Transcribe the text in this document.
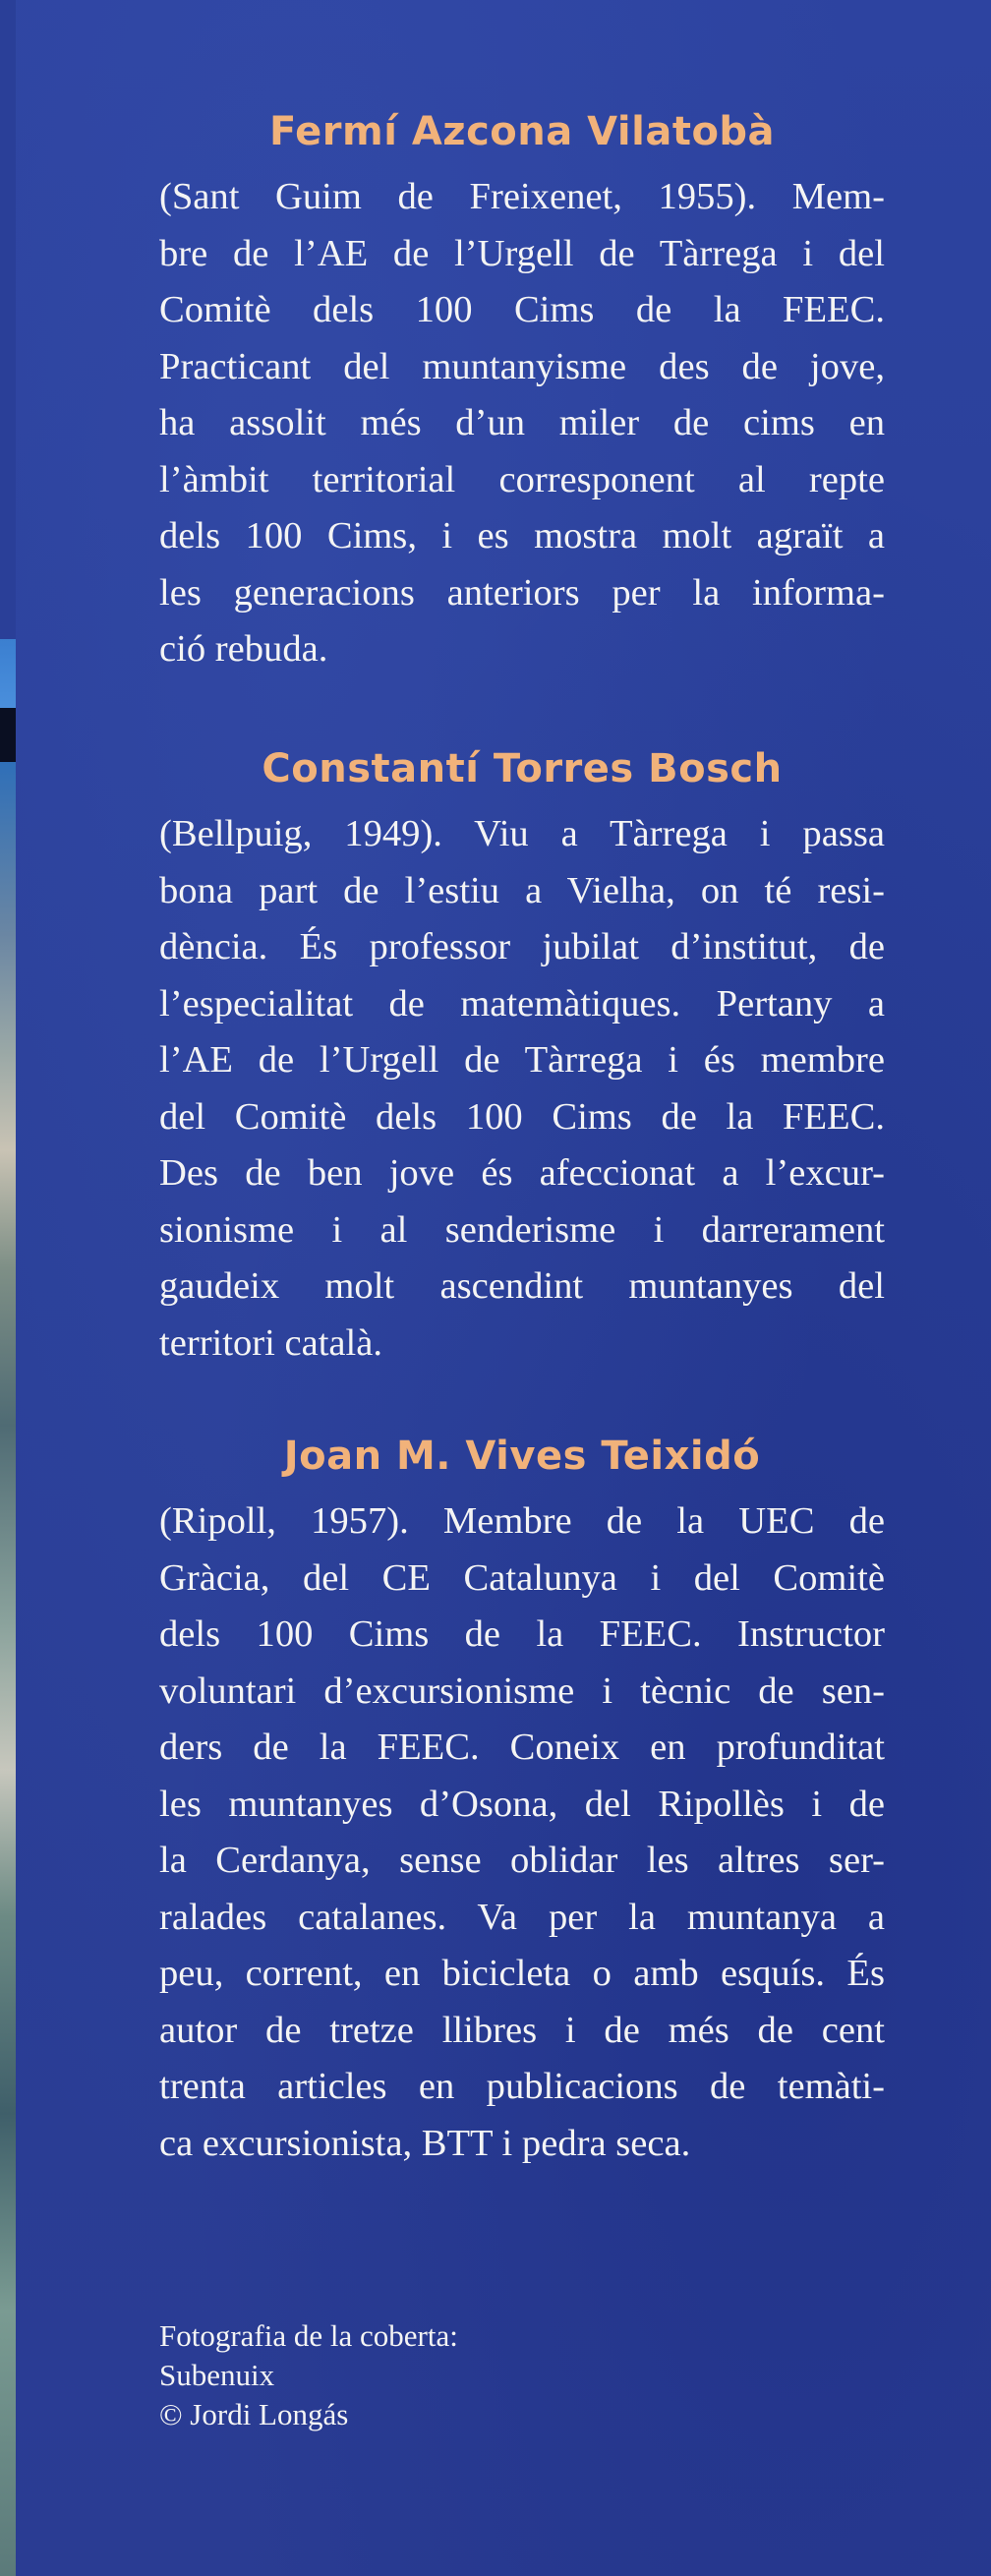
Fermí Azcona Vilatobà

(Sant Guim de Freixenet, 1955). Mem-
bre de l’AE de l’Urgell de Tàrrega i del
Comitè dels 100 Cims de la FEEC.
Practicant del muntanyisme des de jove,
ha assolit més d’un miler de cims en
l’àmbit territorial corresponent al repte
dels 100 Cims, i es mostra molt agraït a
les generacions anteriors per la informa-
ció rebuda.

Constantí Torres Bosch

(Bellpuig, 1949). Viu a Tàrrega i passa
bona part de l’estiu a Vielha, on té resi-
dència. És professor jubilat d’institut, de
l’especialitat de matemàtiques. Pertany a
l’AE de l’Urgell de Tàrrega i és membre
del Comitè dels 100 Cims de la FEEC.
Des de ben jove és afeccionat a l’excur-
sionisme i al senderisme i darrerament
gaudeix molt ascendint muntanyes del
territori català.

Joan M. Vives Teixidó

(Ripoll, 1957). Membre de la UEC de
Gràcia, del CE Catalunya i del Comitè
dels 100 Cims de la FEEC. Instructor
voluntari d’excursionisme i tècnic de sen-
ders de la FEEC. Coneix en profunditat
les muntanyes d’Osona, del Ripollès i de
la Cerdanya, sense oblidar les altres ser-
ralades catalanes. Va per la muntanya a
peu, corrent, en bicicleta o amb esquís. És
autor de tretze llibres i de més de cent
trenta articles en publicacions de temàti-
ca excursionista, BTT i pedra seca.

Fotografia de la coberta:
Subenuix
© Jordi Longás
